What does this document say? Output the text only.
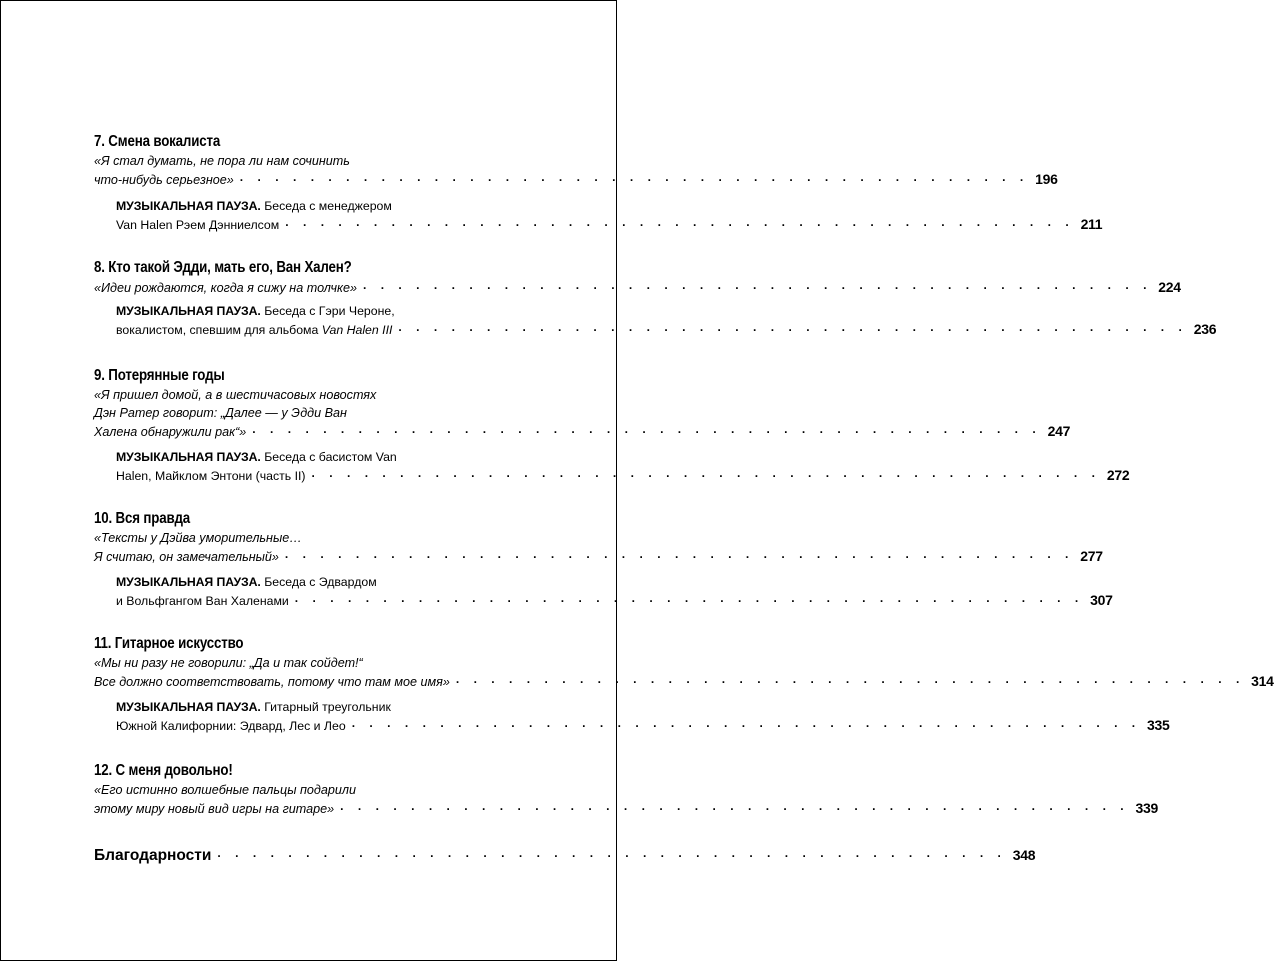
7. Смена вокалиста
«Я стал думать, не пора ли нам сочинить
что-нибудь серьезное» · · · · · · · · · · · · · · · · · · · · · · · · · · · · · · · · · · · · · · · · · · · · · 196
МУЗЫКАЛЬНАЯ ПАУЗА. Беседа с менеджером
Van Halen Рэем Дэнниелсом · · · · · · · · · · · · · · · · · · · · · · · · · · · · · · · · · · · · · · · · · · · · · 211
8. Кто такой Эдди, мать его, Ван Хален?
«Идеи рождаются, когда я сижу на толчке» · · · · · · · · · · · · · · · · · · · · · · · · · · · · · · · · · · · · · · · · · · · · · 224
МУЗЫКАЛЬНАЯ ПАУЗА. Беседа с Гэри Чероне,
вокалистом, спевшим для альбома Van Halen III · · · · · · · · · · · · · · · · · · · · · · · · · · · · · · · · · · · · · · · · · · · · · 236
9. Потерянные годы
«Я пришел домой, а в шестичасовых новостях
Дэн Ратер говорит: „Далее — у Эдди Ван
Халена обнаружили рак“» · · · · · · · · · · · · · · · · · · · · · · · · · · · · · · · · · · · · · · · · · · · · · 247
МУЗЫКАЛЬНАЯ ПАУЗА. Беседа с басистом Van
Halen, Майклом Энтони (часть II) · · · · · · · · · · · · · · · · · · · · · · · · · · · · · · · · · · · · · · · · · · · · · 272
10. Вся правда
«Тексты у Дэйва уморительные…
Я считаю, он замечательный» · · · · · · · · · · · · · · · · · · · · · · · · · · · · · · · · · · · · · · · · · · · · · 277
МУЗЫКАЛЬНАЯ ПАУЗА. Беседа с Эдвардом
и Вольфгангом Ван Халенами · · · · · · · · · · · · · · · · · · · · · · · · · · · · · · · · · · · · · · · · · · · · · 307
11. Гитарное искусство
«Мы ни разу не говорили: „Да и так сойдет!“
Все должно соответствовать, потому что там мое имя» · · · · · · · · · · · · · · · · · · · · · · · · · · · · · · · · · · · · · · · · · · · · · 314
МУЗЫКАЛЬНАЯ ПАУЗА. Гитарный треугольник
Южной Калифорнии: Эдвард, Лес и Лео · · · · · · · · · · · · · · · · · · · · · · · · · · · · · · · · · · · · · · · · · · · · · 335
12. С меня довольно!
«Его истинно волшебные пальцы подарили
этому миру новый вид игры на гитаре» · · · · · · · · · · · · · · · · · · · · · · · · · · · · · · · · · · · · · · · · · · · · · 339
Благодарности · · · · · · · · · · · · · · · · · · · · · · · · · · · · · · · · · · · · · · · · · · · · · 348
